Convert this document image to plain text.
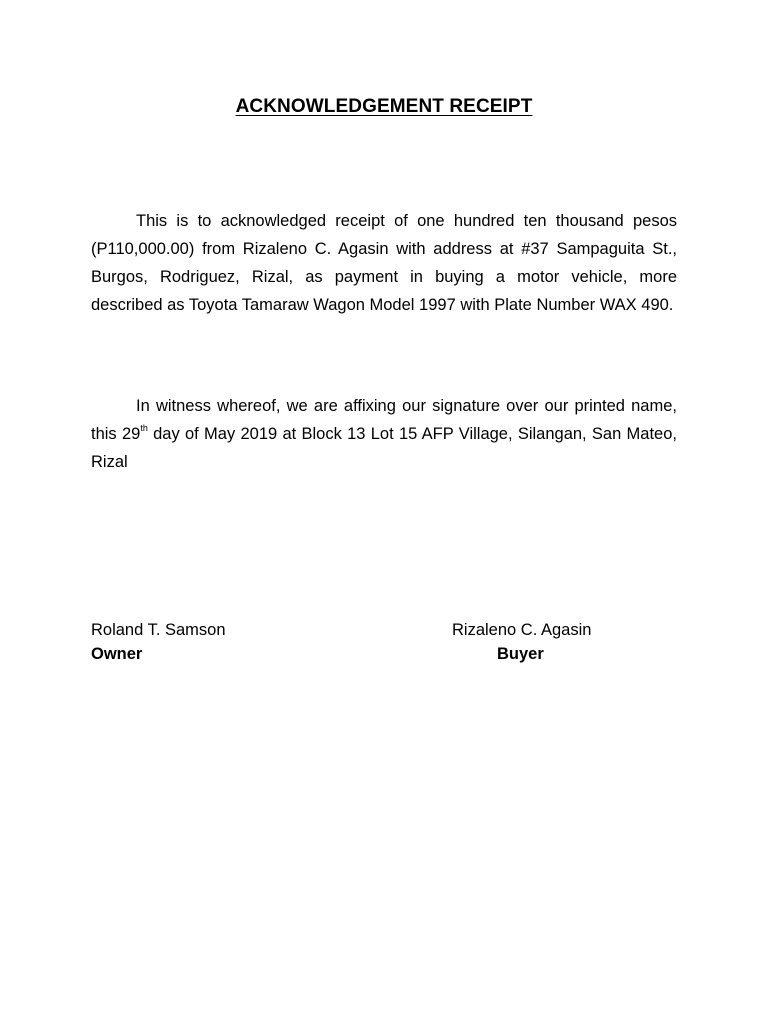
ACKNOWLEDGEMENT RECEIPT

This is to acknowledged receipt of one hundred ten thousand pesos (P110,000.00) from Rizaleno C. Agasin with address at #37 Sampaguita St., Burgos, Rodriguez, Rizal, as payment in buying a motor vehicle, more described as Toyota Tamaraw Wagon Model 1997 with Plate Number WAX 490.

In witness whereof, we are affixing our signature over our printed name, this 29th day of May 2019 at Block 13 Lot 15 AFP Village, Silangan, San Mateo, Rizal

Roland T. Samson
Owner
Rizaleno C. Agasin
Buyer
